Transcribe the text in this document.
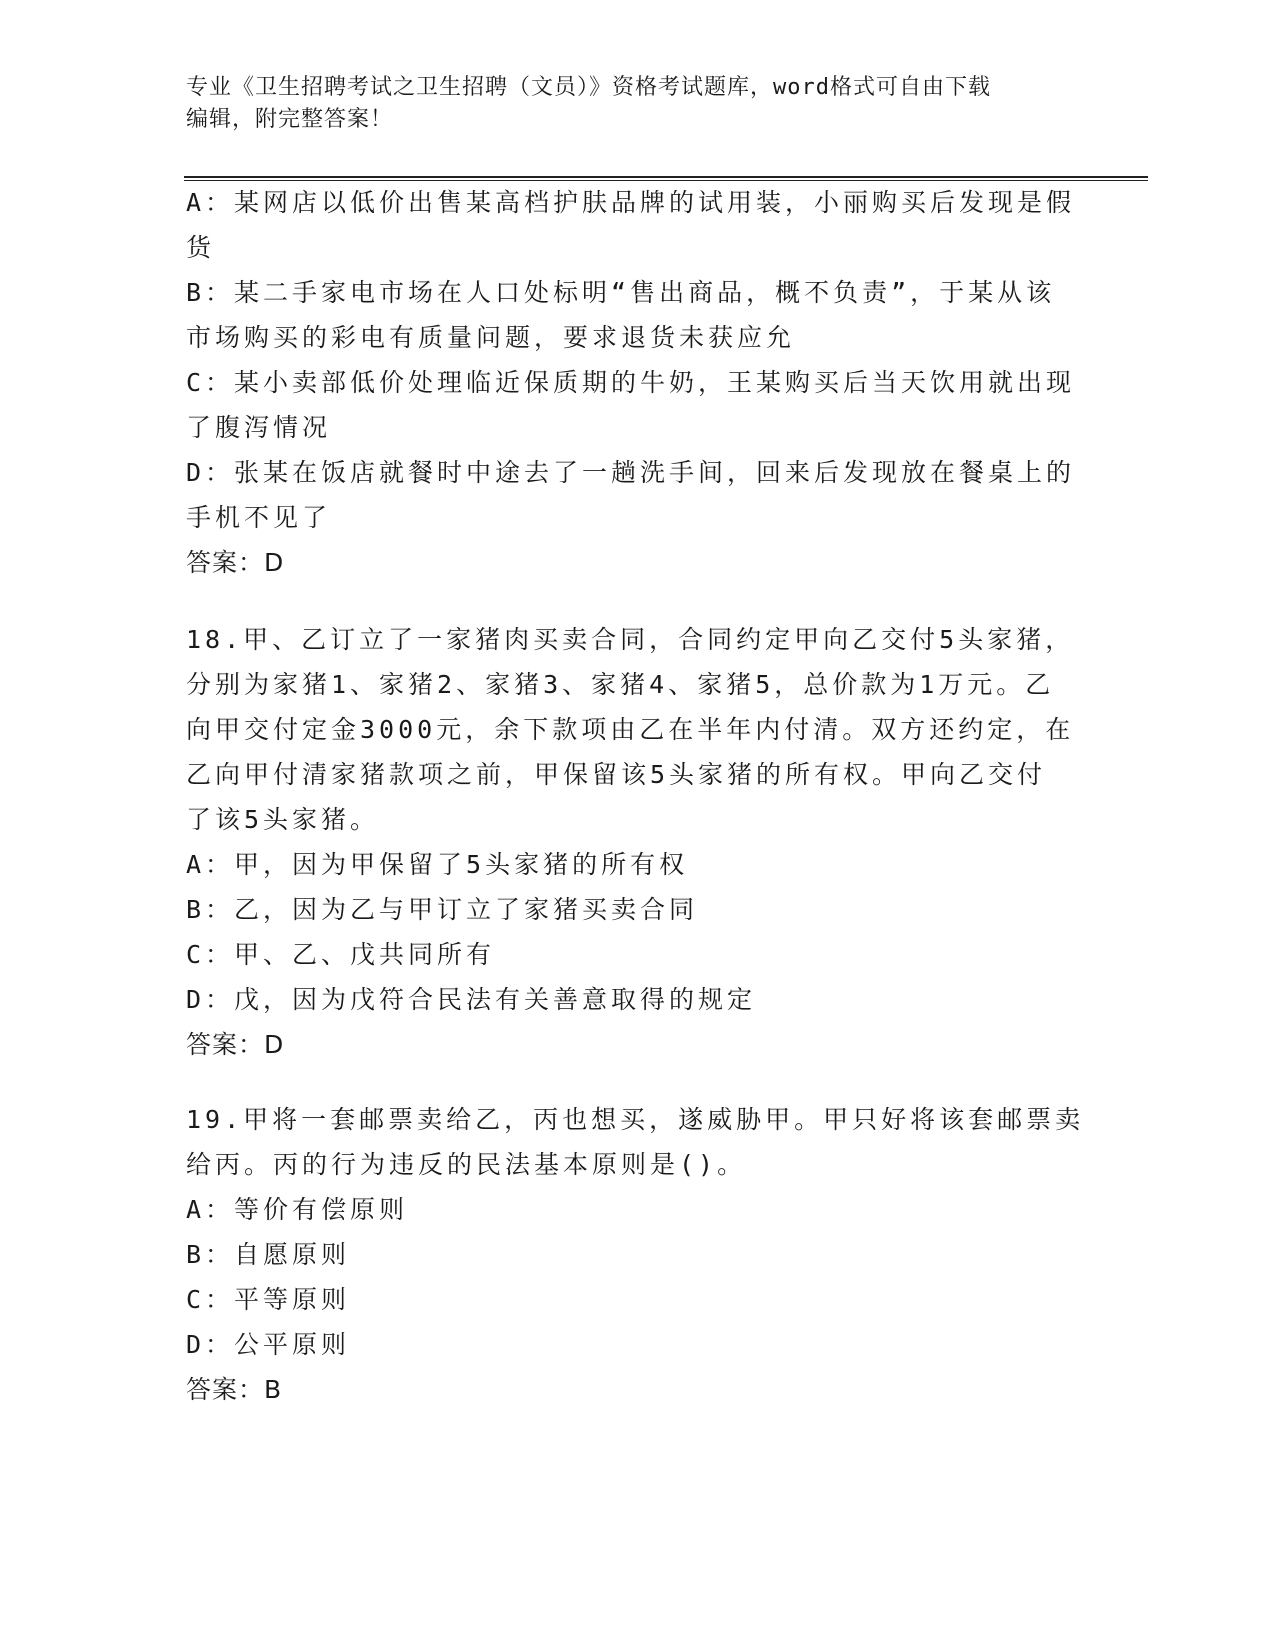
专业《卫生招聘考试之卫生招聘（文员）》资格考试题库，word格式可自由下载
编辑，附完整答案！
A：某网店以低价出售某高档护肤品牌的试用装，小丽购买后发现是假
货
B：某二手家电市场在人口处标明“售出商品，概不负责”，于某从该
市场购买的彩电有质量问题，要求退货未获应允
C：某小卖部低价处理临近保质期的牛奶，王某购买后当天饮用就出现
了腹泻情况
D：张某在饭店就餐时中途去了一趟洗手间，回来后发现放在餐桌上的
手机不见了
答案：D
18.甲、乙订立了一家猪肉买卖合同，合同约定甲向乙交付5头家猪，
分别为家猪1、家猪2、家猪3、家猪4、家猪5，总价款为1万元。乙
向甲交付定金3000元，余下款项由乙在半年内付清。双方还约定，在
乙向甲付清家猪款项之前，甲保留该5头家猪的所有权。甲向乙交付
了该5头家猪。
A：甲，因为甲保留了5头家猪的所有权
B：乙，因为乙与甲订立了家猪买卖合同
C：甲、乙、戊共同所有
D：戊，因为戊符合民法有关善意取得的规定
答案：D
19.甲将一套邮票卖给乙，丙也想买，遂威胁甲。甲只好将该套邮票卖
给丙。丙的行为违反的民法基本原则是()。
A：等价有偿原则
B：自愿原则
C：平等原则
D：公平原则
答案：B
